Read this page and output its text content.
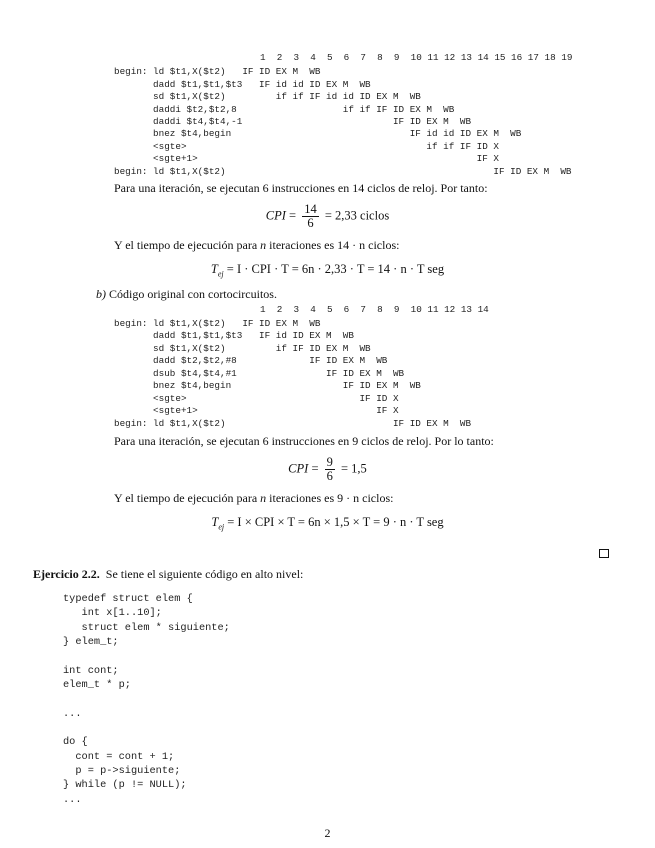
1  2  3  4  5  6  7  8  9  10 11 12 13 14 15 16 17 18 19
begin: ld $t1,X($t2)   IF ID EX M  WB
dadd $t1,$t1,$t3   IF id id ID EX M  WB
sd $t1,X($t2)         if if IF id id ID EX M  WB
daddi $t2,$t2,8                   if if IF ID EX M  WB
daddi $t4,$t4,-1                           IF ID EX M  WB
bnez $t4,begin                                IF id id ID EX M  WB
<sgte>                                           if if IF ID X
<sgte+1>                                                  IF X
begin: ld $t1,X($t2)                                                IF ID EX M  WB
Para una iteración, se ejecutan 6 instrucciones en 14 ciclos de reloj. Por tanto:
CPI = $\frac{14}{6} = 2,33$ ciclos
Y el tiempo de ejecución para n iteraciones es 14 · n ciclos:
$T_{ej} = I$ · CPI · T = 6n · 2,33 · T = 14 · n · T seg
b) Código original con cortocircuitos.
1  2  3  4  5  6  7  8  9  10 11 12 13 14
begin: ld $t1,X($t2)   IF ID EX M  WB
dadd $t1,$t1,$t3   IF id ID EX M  WB
sd $t1,X($t2)         if IF ID EX M  WB
dadd $t2,$t2,#8             IF ID EX M  WB
dsub $t4,$t4,#1                IF ID EX M  WB
bnez $t4,begin                    IF ID EX M  WB
<sgte>                               IF ID X
<sgte+1>                                IF X
begin: ld $t1,X($t2)                              IF ID EX M  WB
Para una iteración, se ejecutan 6 instrucciones en 9 ciclos de reloj. Por lo tanto:
CPI = $\frac{9}{6} = 1,5$
Y el tiempo de ejecución para n iteraciones es 9 · n ciclos:
$T_{ej} = I$ × CPI × T = 6n × 1,5 × T = 9 · n · T seg
Ejercicio 2.2. Se tiene el siguiente código en alto nivel:
typedef struct elem {
int x[1..10];
struct elem * siguiente;
} elem_t;
int cont;
elem_t * p;
...
do {
cont = cont + 1;
p = p->siguiente;
} while (p != NULL);
...
2
